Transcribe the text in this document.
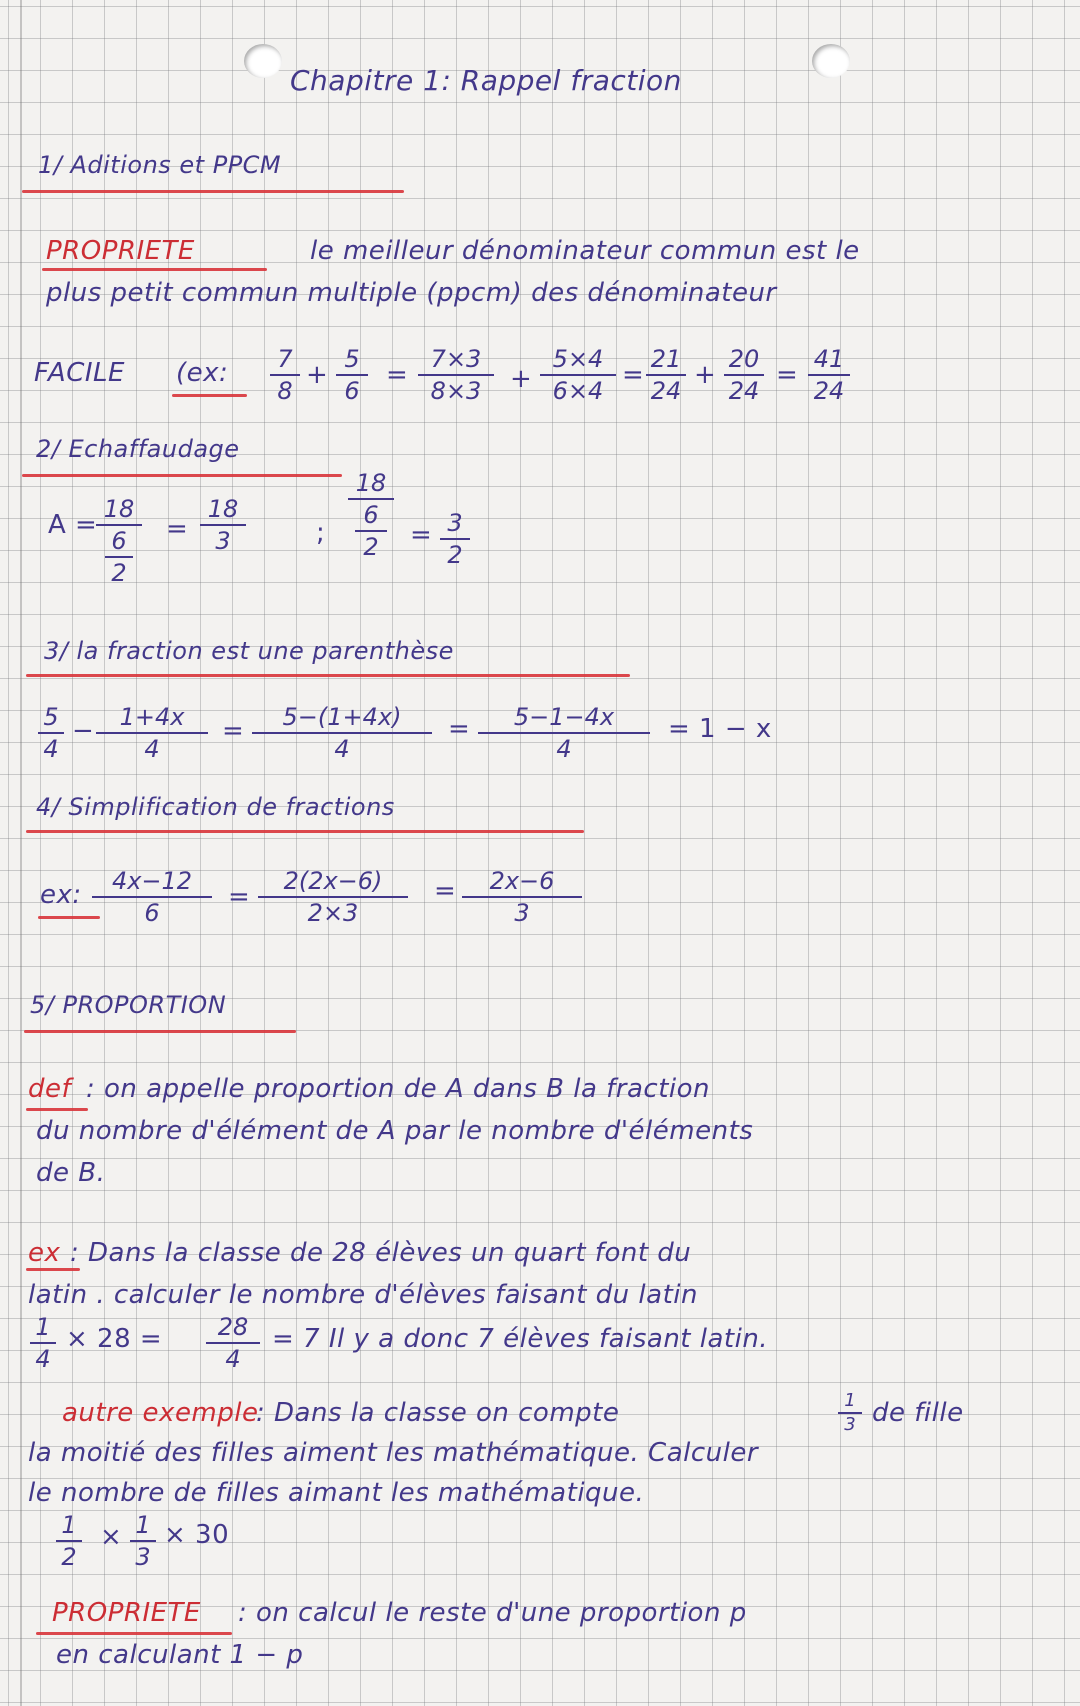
Chapitre 1: Rappel fraction
1/ Aditions et PPCM
PROPRIETE	le meilleur dénominateur commun est le
plus petit commun multiple (ppcm) des dénominateur
FACILE (ex: 7
8
+
5
6
=
7×3
8×3 +
5×4
6×4
=
21
24
+
20
24
=
41
24
2/ Echaffaudage
A =
18
6
2
=
18
3	;
18
6
2 = 3
2
3/ la fraction est une parenthèse
5
4
− 1+4x
4
= 5−(1+4x)
4
= 5−1−4x
4
= 1 − x
4/ Simplification de fractions
ex: 4x−12
6
=
2(2x−6)
2×3
= 2x−6
3
5/ PROPORTION
def : on appelle proportion de A dans B la fraction
du nombre d'élément de A par le nombre d'éléments
de B.
ex : Dans la classe de 28 élèves un quart font du
latin . calculer le nombre d'élèves faisant du latin
1
4
× 28 = 28
4
= 7 Il y a donc 7 élèves faisant latin.
autre exemple
: Dans la classe on compte	1
3 de fille
la moitié des filles aiment les mathématique. Calculer
le nombre de filles aimant les mathématique.
1
2
× 1
3
× 30
PROPRIETE : on calcul le reste d'une proportion p
en calculant 1 − p
